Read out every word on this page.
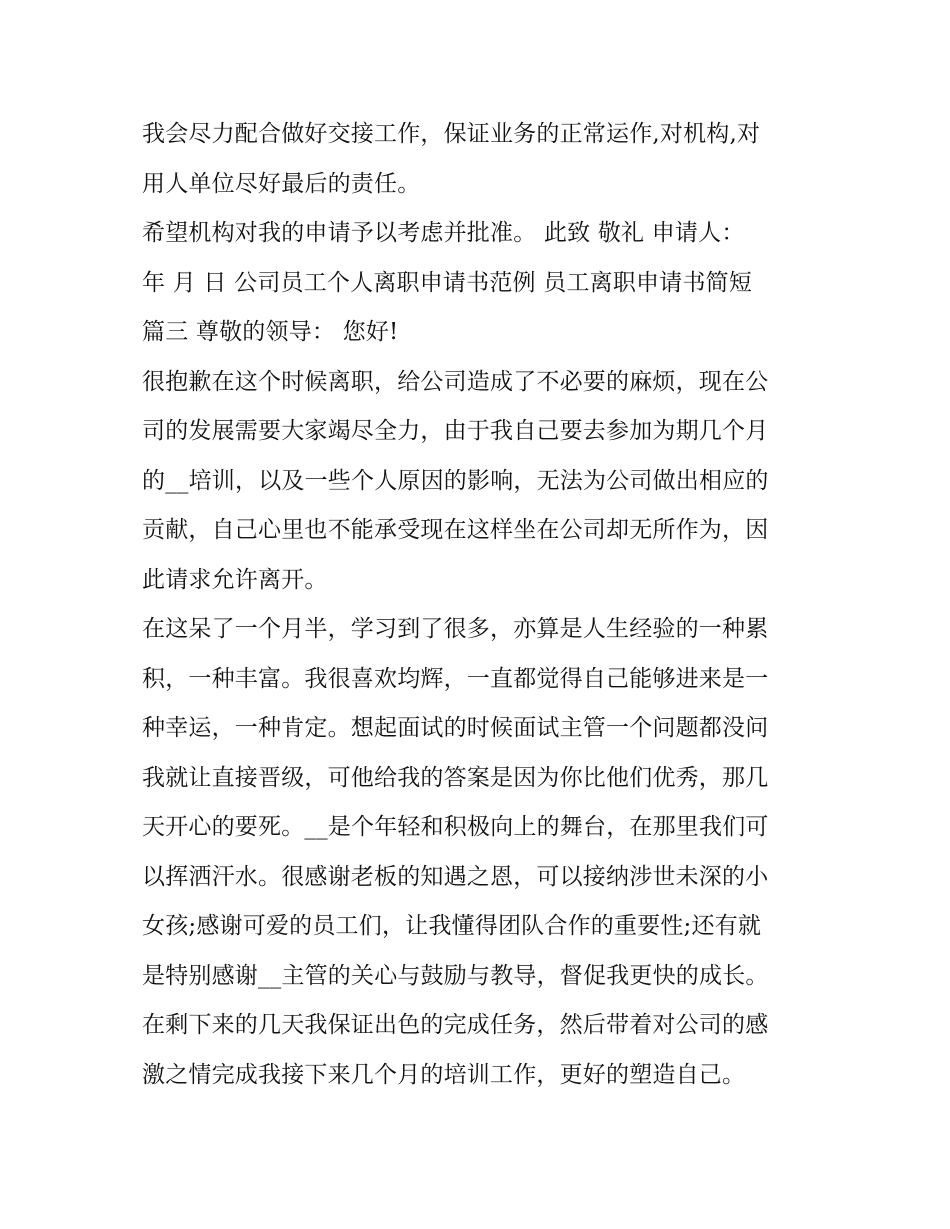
我会尽力配合做好交接工作，保证业务的正常运作,对机构,对
用人单位尽好最后的责任。
希望机构对我的申请予以考虑并批准。 此致 敬礼 申请人：
年 月 日 公司员工个人离职申请书范例 员工离职申请书简短
篇三 尊敬的领导： 您好!
很抱歉在这个时候离职，给公司造成了不必要的麻烦，现在公
司的发展需要大家竭尽全力，由于我自己要去参加为期几个月
的__培训，以及一些个人原因的影响，无法为公司做出相应的
贡献，自己心里也不能承受现在这样坐在公司却无所作为，因
此请求允许离开。
在这呆了一个月半，学习到了很多，亦算是人生经验的一种累
积，一种丰富。我很喜欢均辉，一直都觉得自己能够进来是一
种幸运，一种肯定。想起面试的时候面试主管一个问题都没问
我就让直接晋级，可他给我的答案是因为你比他们优秀，那几
天开心的要死。__是个年轻和积极向上的舞台，在那里我们可
以挥洒汗水。很感谢老板的知遇之恩，可以接纳涉世未深的小
女孩;感谢可爱的员工们，让我懂得团队合作的重要性;还有就
是特别感谢__主管的关心与鼓励与教导，督促我更快的成长。
在剩下来的几天我保证出色的完成任务，然后带着对公司的感
激之情完成我接下来几个月的培训工作，更好的塑造自己。
